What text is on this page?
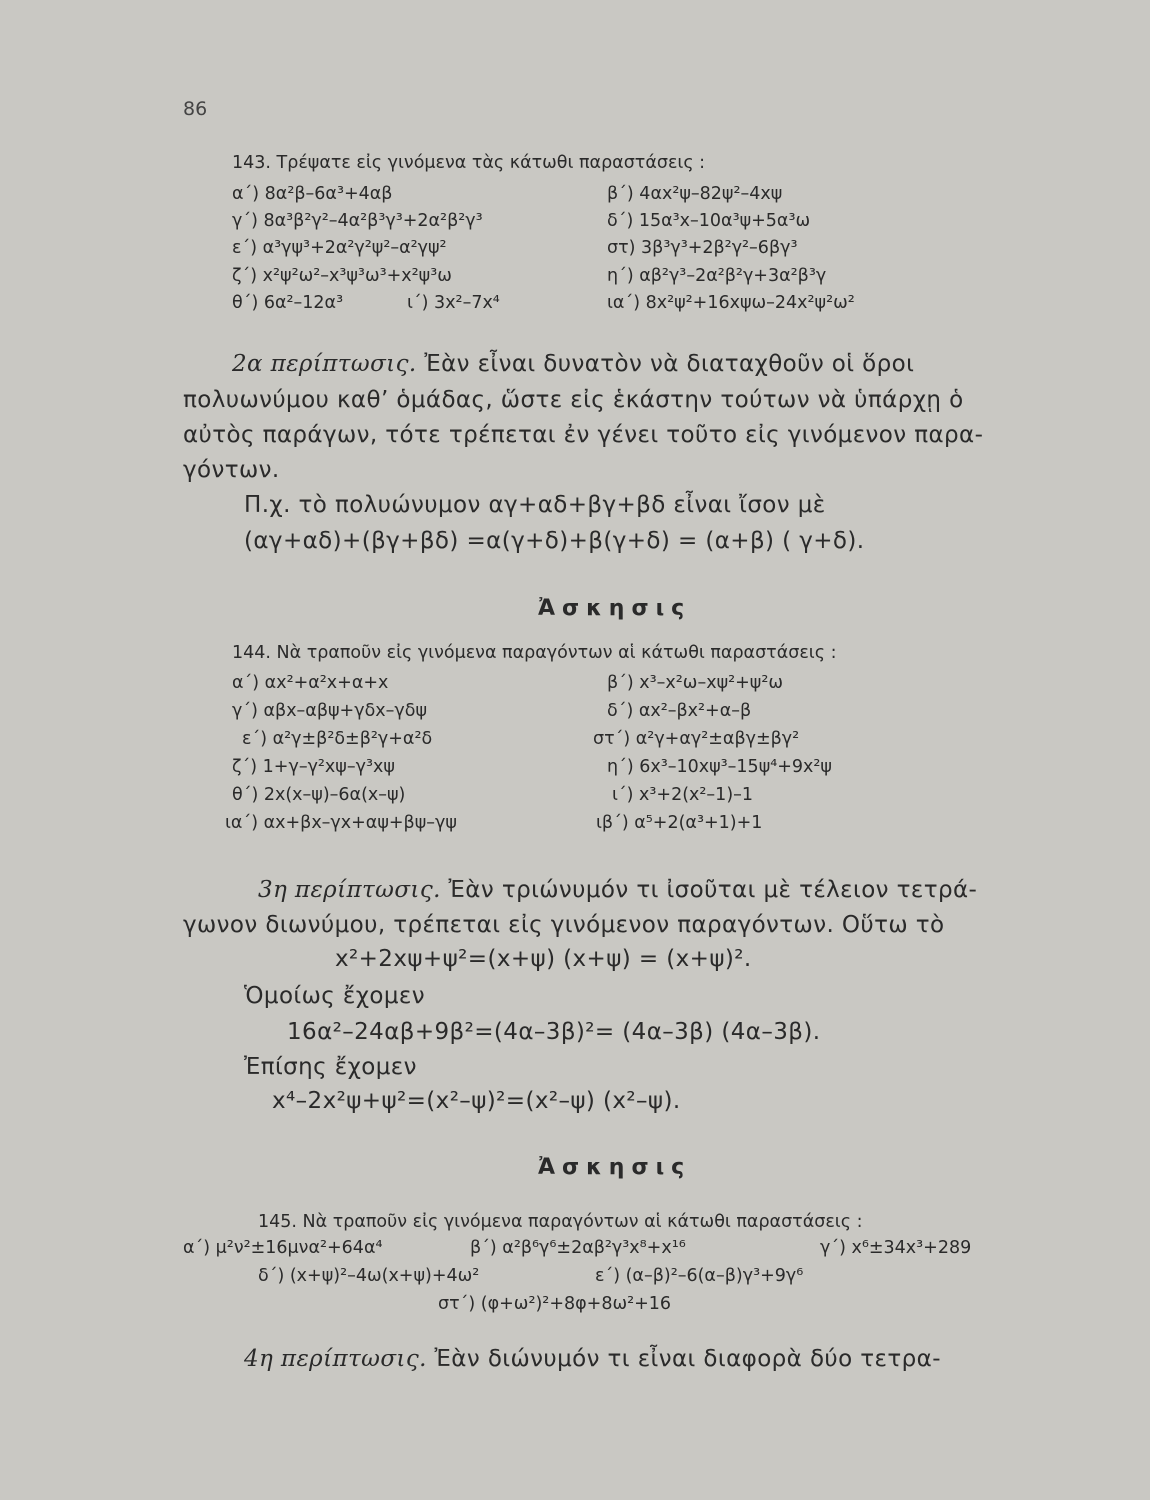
86
143. Τρέψατε εἰς γινόμενα τὰς κάτωθι παραστάσεις :
α΄) 8α²β–6α³+4αβ	β΄) 4αx²ψ–82ψ²–4xψ
γ΄) 8α³β²γ²–4α²β³γ³+2α²β²γ³	δ΄) 15α³x–10α³ψ+5α³ω
ε΄) α³γψ³+2α²γ²ψ²–α²γψ²	στ) 3β³γ³+2β²γ²–6βγ³
ζ΄) x²ψ²ω²–x³ψ³ω³+x²ψ³ω	η΄) αβ²γ³–2α²β²γ+3α²β³γ
θ΄) 6α²–12α³	ι΄) 3x²–7x⁴	ια΄) 8x²ψ²+16xψω–24x²ψ²ω²
2α περίπτωσις. Ἐὰν εἶναι δυνατὸν νὰ διαταχθοῦν οἱ ὅροι
πολυωνύμου καθ’ ὁμάδας, ὥστε εἰς ἑκάστην τούτων νὰ ὑπάρχῃ ὁ
αὐτὸς παράγων, τότε τρέπεται ἐν γένει τοῦτο εἰς γινόμενον παρα-
γόντων.
Π.χ. τὸ πολυώνυμον αγ+αδ+βγ+βδ εἶναι ἴσον μὲ
(αγ+αδ)+(βγ+βδ) =α(γ+δ)+β(γ+δ) = (α+β) ( γ+δ).
Ἀσκησις
144. Νὰ τραποῦν εἰς γινόμενα παραγόντων αἱ κάτωθι παραστάσεις :
α΄) αx²+α²x+α+x	β΄) x³–x²ω–xψ²+ψ²ω
γ΄) αβx–αβψ+γδx–γδψ	δ΄) αx²–βx²+α–β
ε΄) α²γ±β²δ±β²γ+α²δ	στ΄) α²γ+αγ²±αβγ±βγ²
ζ΄) 1+γ–γ²xψ–γ³xψ	η΄) 6x³–10xψ³–15ψ⁴+9x²ψ
θ΄) 2x(x–ψ)–6α(x–ψ)	ι΄) x³+2(x²–1)–1
ια΄) αx+βx–γx+αψ+βψ–γψ	ιβ΄) α⁵+2(α³+1)+1
3η περίπτωσις. Ἐὰν τριώνυμόν τι ἰσοῦται μὲ τέλειον τετρά-
γωνον διωνύμου, τρέπεται εἰς γινόμενον παραγόντων. Οὕτω τὸ
x²+2xψ+ψ²=(x+ψ) (x+ψ) = (x+ψ)².
Ὁμοίως ἔχομεν
16α²–24αβ+9β²=(4α–3β)²= (4α–3β) (4α–3β).
Ἐπίσης ἔχομεν
x⁴–2x²ψ+ψ²=(x²–ψ)²=(x²–ψ) (x²–ψ).
Ἀσκησις
145. Νὰ τραποῦν εἰς γινόμενα παραγόντων αἱ κάτωθι παραστάσεις :
α΄) μ²ν²±16μνα²+64α⁴	β΄) α²β⁶γ⁶±2αβ²γ³x⁸+x¹⁶	γ΄) x⁶±34x³+289
δ΄) (x+ψ)²–4ω(x+ψ)+4ω²	ε΄) (α–β)²–6(α–β)γ³+9γ⁶
στ΄) (φ+ω²)²+8φ+8ω²+16
4η περίπτωσις. Ἐὰν διώνυμόν τι εἶναι διαφορὰ δύο τετρα-
